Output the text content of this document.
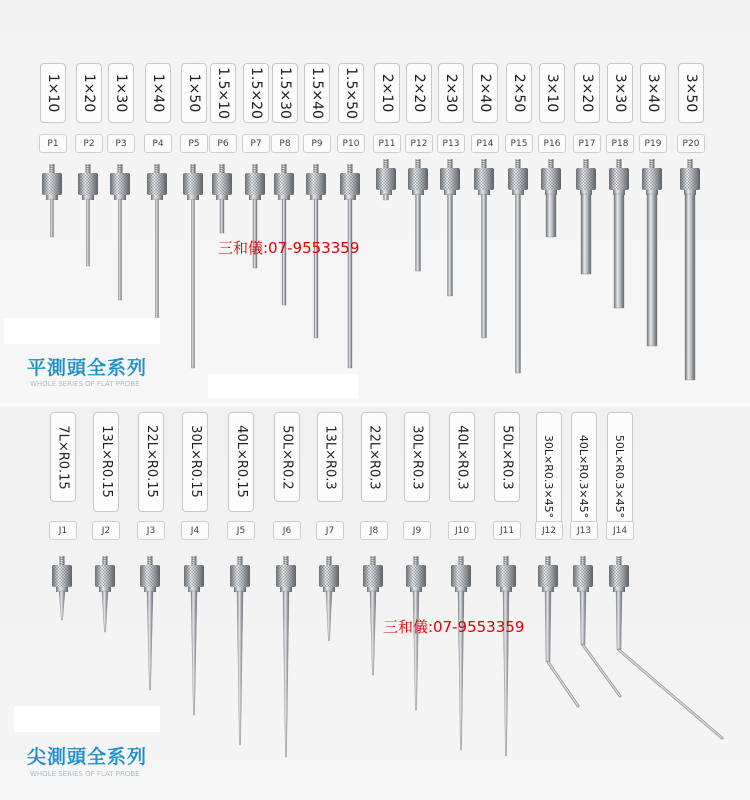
1×10 1×20 1×30 1×40 1×50 1.5×10 1.5×20 1.5×30 1.5×40 1.5×50 2×10 2×20 2×30 2×40 2×50 3×10 3×20 3×30 3×40 3×50
P1	P2	P3	P4	P5	P6	P7	P8	P9	P10	P11	P12	P13	P14	P15	P16	P17	P18	P19	P20
平測頭全系列
WHOLE SERIES OF FLAT PROBE
三和儀:07-9553359
7L×R0.15 13L×R0.15 22L×R0.15 30L×R0.15 40L×R0.15 50L×R0.2 13L×R0.3 22L×R0.3 30L×R0.3 40L×R0.3 50L×R0.3	30L×R0.3×45° 40L×R0.3×45° 50L×R0.3×45°
J1	J2	J3	J4	J5	J6	J7	J8	J9	J10	J11	J12	J13	J14
尖測頭全系列
WHOLE SERIES OF FLAT PROBE
三和儀:07-9553359
